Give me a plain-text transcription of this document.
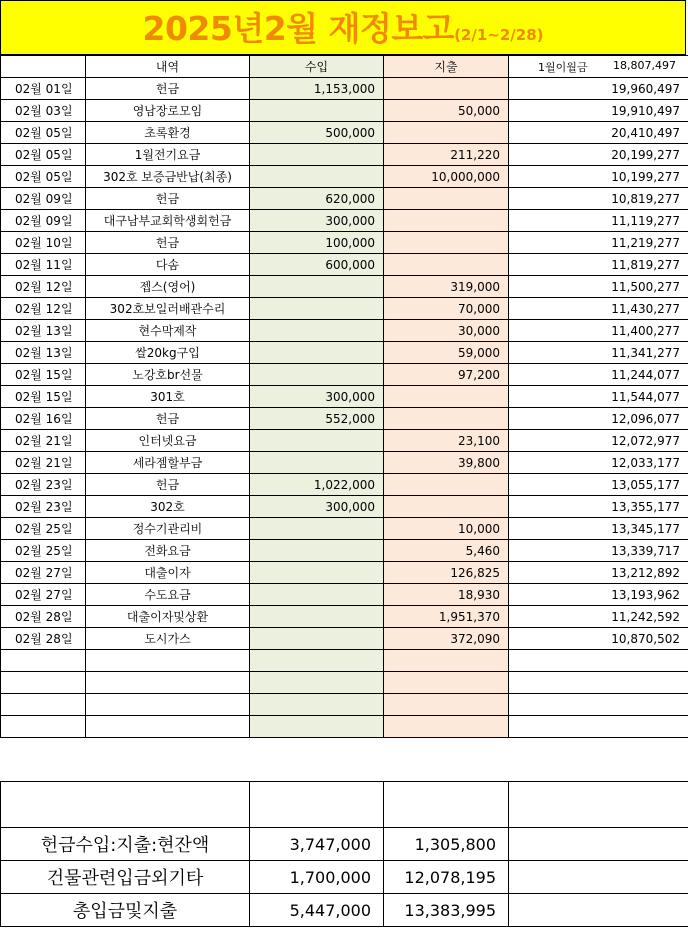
2025년2월 재정보고(2/1~2/28)
	내역	수입	지출	1월이월금 18,807,497

02월 01일	헌금	1,153,000		19,960,497
02월 03일	영남장로모임		50,000	19,910,497
02월 05일	초록환경	500,000		20,410,497
02월 05일	1월전기요금		211,220	20,199,277
02월 05일	302호 보증금반납(최종)		10,000,000	10,199,277
02월 09일	헌금	620,000		10,819,277
02월 09일	대구남부교회학생회헌금	300,000		11,119,277
02월 10일	헌금	100,000		11,219,277
02월 11일	다솜	600,000		11,819,277
02월 12일	젭스(영어)		319,000	11,500,277
02월 12일	302호보일러배관수리		70,000	11,430,277
02월 13일	현수막제작		30,000	11,400,277
02월 13일	쌀20kg구입		59,000	11,341,277
02월 15일	노강호br선물		97,200	11,244,077
02월 15일	301호	300,000		11,544,077
02월 16일	헌금	552,000		12,096,077
02월 21일	인터넷요금		23,100	12,072,977
02월 21일	세라젬할부금		39,800	12,033,177
02월 23일	헌금	1,022,000		13,055,177
02월 23일	302호	300,000		13,355,177
02월 25일	정수기관리비		10,000	13,345,177
02월 25일	전화요금		5,460	13,339,717
02월 27일	대출이자		126,825	13,212,892
02월 27일	수도요금		18,930	13,193,962
02월 28일	대출이자및상환		1,951,370	11,242,592
02월 28일	도시가스		372,090	10,870,502

헌금수입:지출:현잔액		3,747,000	1,305,800	
건물관련입금외기타		1,700,000	12,078,195	
총입금및지출		5,447,000	13,383,995	
